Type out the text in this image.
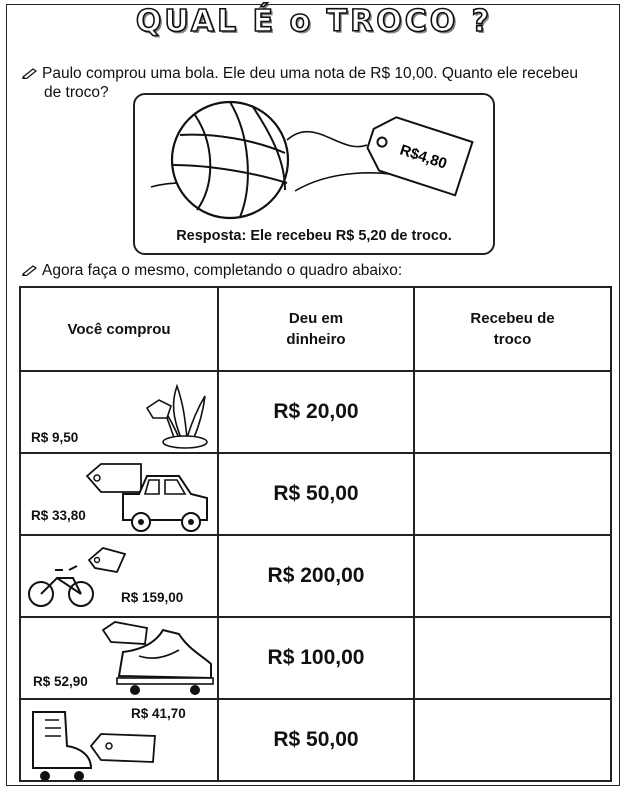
QUAL É o TROCO ?
Paulo comprou uma bola. Ele deu uma nota de R$ 10,00. Quanto ele recebeu
de troco?
R$4,80
Resposta: Ele recebeu R$ 5,20 de troco.
Agora faça o mesmo, completando o quadro abaixo:
Você comprou	Deu em dinheiro	Recebeu de troco

R$ 9,50	R$ 20,00	

R$ 33,80	R$ 50,00	

R$ 159,00	R$ 200,00	

R$ 52,90	R$ 100,00	

R$ 41,70	R$ 50,00	
